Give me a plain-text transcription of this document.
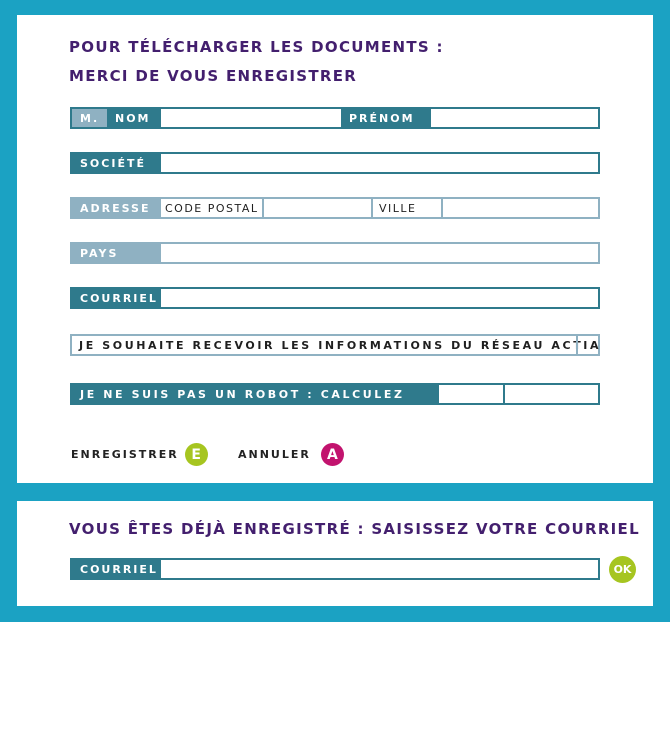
POUR TÉLÉCHARGER LES DOCUMENTS :
MERCI DE VOUS ENREGISTRER
M.	NOM	PRÉNOM
SOCIÉTÉ
ADRESSE	CODE POSTAL	VILLE
PAYS
COURRIEL
JE SOUHAITE RECEVOIR LES INFORMATIONS DU RÉSEAU ACTIA
JE NE SUIS PAS UN ROBOT : CALCULEZ
ENREGISTRER E	ANNULER	A
VOUS ÊTES DÉJÀ ENREGISTRÉ : SAISISSEZ VOTRE COURRIEL
COURRIEL	OK
